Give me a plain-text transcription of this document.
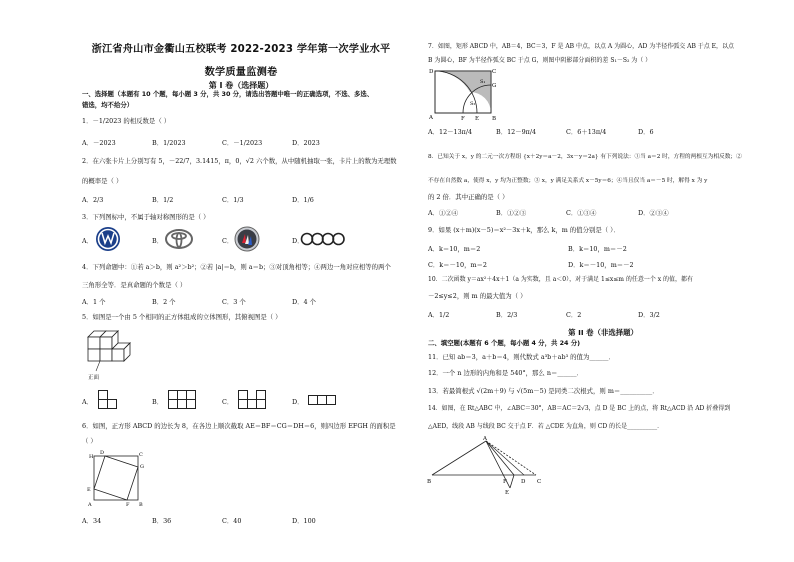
浙江省舟山市金衢山五校联考 2022-2023 学年第一次学业水平
数学质量监测卷
第 I 卷（选择题）
一、选择题（本题有 10 个题，每小题 3 分，共 30 分，请选出答题中唯一的正确选项，不选、多选、
错选，均不给分）
1．－1/2023 的相反数是（ ）
A．－2023	B．1/2023	C．－1/2023	D．2023
2．在六张卡片上分别写有 5，－22/7，3.1415，π，0，√2 六个数，从中随机抽取一张，卡片上的数为无理数
的概率是（ ）
A．2/3	B．1/2	C．1/3	D．1/6
3．下列图标中，不属于轴对称图形的是（ ）
A．	B．	C．	D．
4．下列命题中：①若 a＞b，则 a²＞b²；②若 |a|＝b，则 a＝b；③对顶角相等；④两边一角对应相等的两个
三角形全等．是真命题的个数是（ ）
A．1 个	B．2 个	C．3 个	D．4 个
5．如图是一个由 5 个相同的正方体组成的立体图形，其俯视图是（ ）
正面
A．	B．	C．	D．
6．如图，正方形 ABCD 的边长为 8，在各边上顺次截取 AE＝BF＝CG＝DH＝6，则四边形 EFGH 的面积是
（ ）
H
D
G
C
A
E
B
F
A．34	B．36	C．40	D．100
7．如图，矩形 ABCD 中，AB＝4，BC＝3，F 是 AB 中点，以点 A 为圆心，AD 为半径作弧交 AB 于点 E，以点
B 为圆心，BF 为半径作弧交 BC 于点 G，则图中阴影部分面积的差 S₁－S₂ 为（ ）
D	C
S₁
G
S₂
A	F E B
A．12－13π/4	B．12－9π/4	C．6＋13π/4	D．6
8．已知关于 x，y 的二元一次方程组 {x＋2y＝a－2，3x－y＝2a} 有下列说法：①当 a＝2 时，方程的两根互为相反数；②
不存在自然数 a，使得 x，y 均为正整数；③ x，y 满足关系式 x－5y＝6；④当且仅当 a＝－5 时，解得 x 为 y
的 2 倍．其中正确的是（ ）
A．①②④	B．①②③	C．①③④	D．②③④
9．如果 (x＋m)(x－5)＝x²－3x＋k，那么 k，m 的值分别是（ ）．
A．k＝10，m＝2	B．k＝10，m＝－2
C．k＝－10，m＝2	D．k＝－10，m＝－2
10．二次函数 y＝ax²＋4x＋1（a 为实数，且 a＜0），对于满足 1≤x≤m 的任意一个 x 的值，都有
－2≤y≤2，则 m 的最大值为（ ）
A．1/2	B．2/3	C．2	D．3/2
第 II 卷（非选择题）
二、填空题(本题有 6 个题，每小题 4 分，共 24 分)
11．已知 ab＝3，a＋b＝4，则代数式 a³b＋ab³ 的值为______．
12．一个 n 边形的内角和是 540°，那么 n＝______．
13．若最简根式 √(2m＋9) 与 √(5m－5) 是同类二次根式，则 m＝__________．
14．如图，在 Rt△ABC 中，∠ABC＝30°，AB＝AC＝2√3，点 D 是 BC 上的点，将 Rt△ACD 沿 AD 折叠得到
△AED，线段 AB 与线段 BC 交于点 F．若 △CDE 为直角，则 CD 的长是__________．
A
B	F
E
D C
